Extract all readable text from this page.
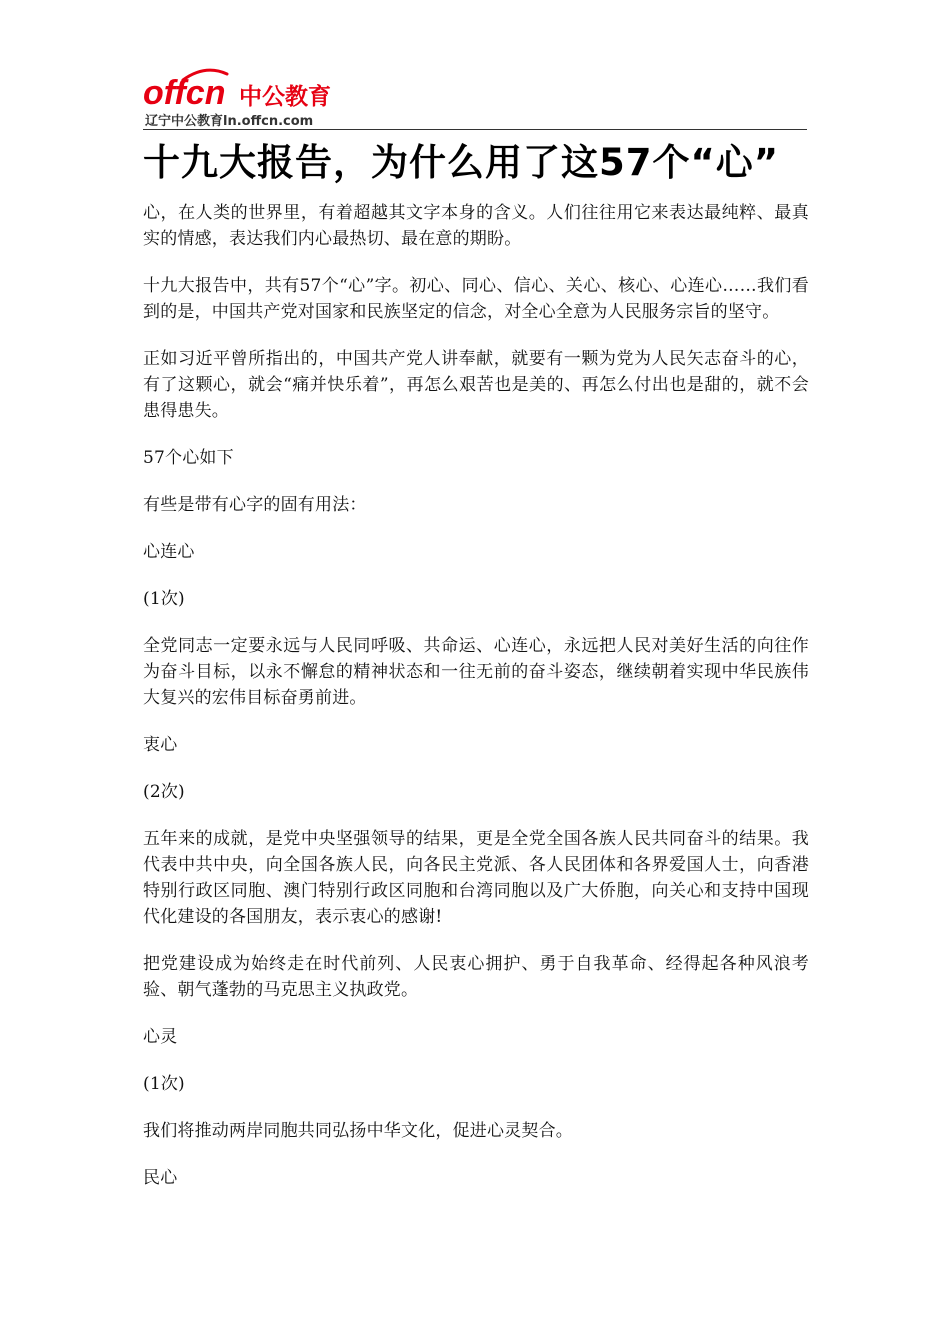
offcn 中公教育
辽宁中公教育ln.offcn.com
十九大报告，为什么用了这57个“心”

心，在人类的世界里，有着超越其文字本身的含义。人们往往用它来表达最纯粹、最真实的情感，表达我们内心最热切、最在意的期盼。

十九大报告中，共有57个“心”字。初心、同心、信心、关心、核心、心连心……我们看到的是，中国共产党对国家和民族坚定的信念，对全心全意为人民服务宗旨的坚守。

正如习近平曾所指出的，中国共产党人讲奉献，就要有一颗为党为人民矢志奋斗的心，有了这颗心，就会“痛并快乐着”，再怎么艰苦也是美的、再怎么付出也是甜的，就不会患得患失。

57个心如下

有些是带有心字的固有用法：

心连心

(1次)

全党同志一定要永远与人民同呼吸、共命运、心连心，永远把人民对美好生活的向往作为奋斗目标，以永不懈怠的精神状态和一往无前的奋斗姿态，继续朝着实现中华民族伟大复兴的宏伟目标奋勇前进。

衷心

(2次)

五年来的成就，是党中央坚强领导的结果，更是全党全国各族人民共同奋斗的结果。我代表中共中央，向全国各族人民，向各民主党派、各人民团体和各界爱国人士，向香港特别行政区同胞、澳门特别行政区同胞和台湾同胞以及广大侨胞，向关心和支持中国现代化建设的各国朋友，表示衷心的感谢!

把党建设成为始终走在时代前列、人民衷心拥护、勇于自我革命、经得起各种风浪考验、朝气蓬勃的马克思主义执政党。

心灵

(1次)

我们将推动两岸同胞共同弘扬中华文化，促进心灵契合。

民心
